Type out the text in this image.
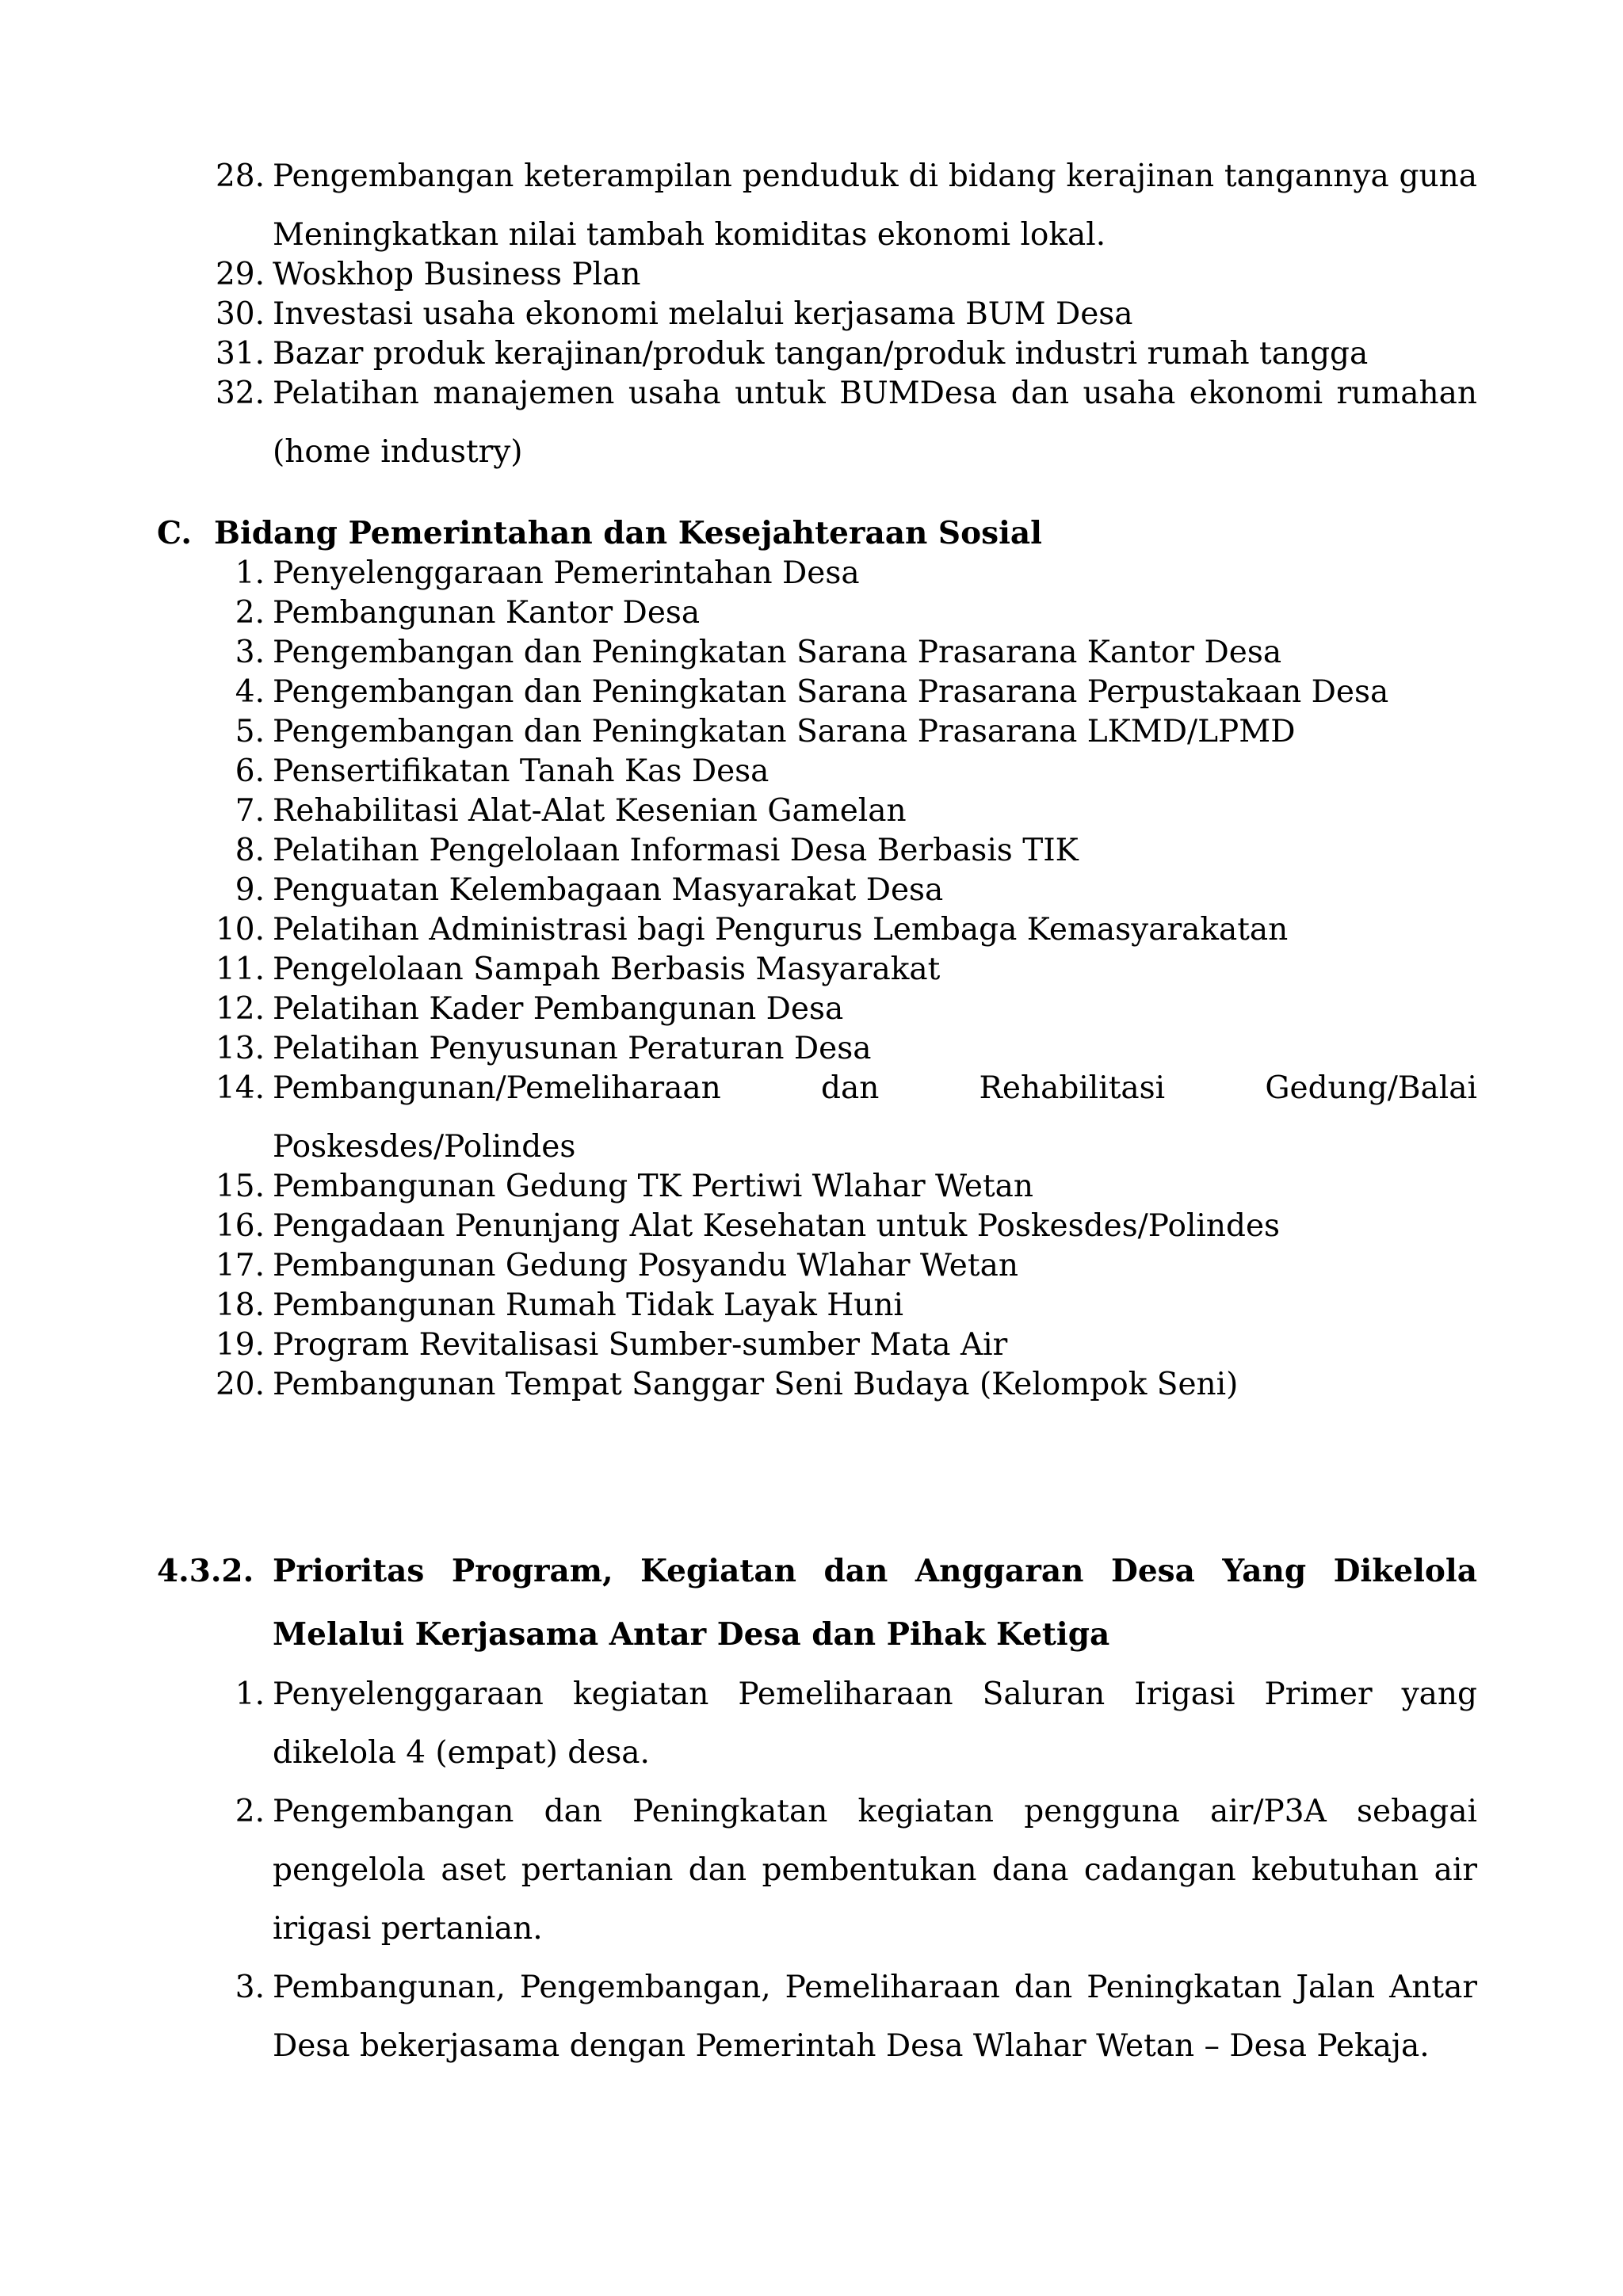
28. Pengembangan keterampilan penduduk di bidang kerajinan tangannya guna Meningkatkan nilai tambah komiditas ekonomi lokal.
29. Woskhop Business Plan
30. Investasi usaha ekonomi melalui kerjasama BUM Desa
31. Bazar produk kerajinan/produk tangan/produk industri rumah tangga
32. Pelatihan manajemen usaha untuk BUMDesa dan usaha ekonomi rumahan (home industry)
C. Bidang Pemerintahan dan Kesejahteraan Sosial
1. Penyelenggaraan Pemerintahan Desa
2. Pembangunan Kantor Desa
3. Pengembangan dan Peningkatan Sarana Prasarana Kantor Desa
4. Pengembangan dan Peningkatan Sarana Prasarana Perpustakaan Desa
5. Pengembangan dan Peningkatan Sarana Prasarana LKMD/LPMD
6. Pensertifikatan Tanah Kas Desa
7. Rehabilitasi Alat-Alat Kesenian Gamelan
8. Pelatihan Pengelolaan Informasi Desa Berbasis TIK
9. Penguatan Kelembagaan Masyarakat Desa
10. Pelatihan Administrasi bagi Pengurus Lembaga Kemasyarakatan
11. Pengelolaan Sampah Berbasis Masyarakat
12. Pelatihan Kader Pembangunan Desa
13. Pelatihan Penyusunan Peraturan Desa
14. Pembangunan/Pemeliharaan dan Rehabilitasi Gedung/Balai Poskesdes/Polindes
15. Pembangunan Gedung TK Pertiwi Wlahar Wetan
16. Pengadaan Penunjang Alat Kesehatan untuk Poskesdes/Polindes
17. Pembangunan Gedung Posyandu Wlahar Wetan
18. Pembangunan Rumah Tidak Layak Huni
19. Program Revitalisasi Sumber-sumber Mata Air
20. Pembangunan Tempat Sanggar Seni Budaya (Kelompok Seni)
4.3.2. Prioritas Program, Kegiatan dan Anggaran Desa Yang Dikelola Melalui Kerjasama Antar Desa dan Pihak Ketiga
1. Penyelenggaraan kegiatan Pemeliharaan Saluran Irigasi Primer yang dikelola 4 (empat) desa.
2. Pengembangan dan Peningkatan kegiatan pengguna air/P3A sebagai pengelola aset pertanian dan pembentukan dana cadangan kebutuhan air irigasi pertanian.
3. Pembangunan, Pengembangan, Pemeliharaan dan Peningkatan Jalan Antar Desa bekerjasama dengan Pemerintah Desa Wlahar Wetan – Desa Pekaja.
